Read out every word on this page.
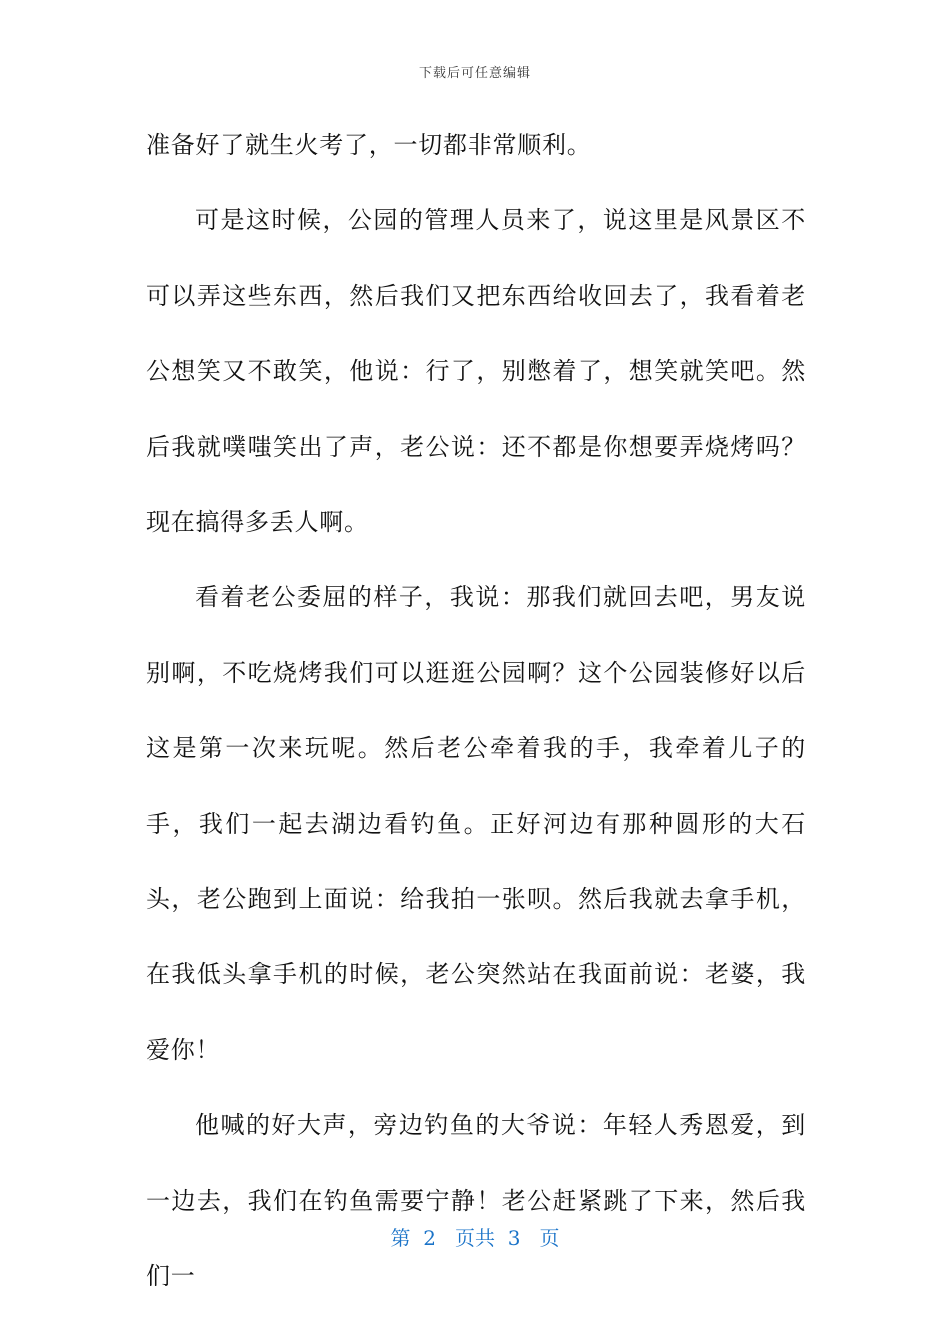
下载后可任意编辑

准备好了就生火考了，一切都非常顺利。

可是这时候，公园的管理人员来了，说这里是风景区不可以弄这些东西，然后我们又把东西给收回去了，我看着老公想笑又不敢笑，他说：行了，别憋着了，想笑就笑吧。然后我就噗嗤笑出了声，老公说：还不都是你想要弄烧烤吗？现在搞得多丢人啊。

看着老公委屈的样子，我说：那我们就回去吧，男友说别啊，不吃烧烤我们可以逛逛公园啊？这个公园装修好以后这是第一次来玩呢。然后老公牵着我的手，我牵着儿子的手，我们一起去湖边看钓鱼。正好河边有那种圆形的大石头，老公跑到上面说：给我拍一张呗。然后我就去拿手机，在我低头拿手机的时候，老公突然站在我面前说：老婆，我爱你！

他喊的好大声，旁边钓鱼的大爷说：年轻人秀恩爱，到一边去，我们在钓鱼需要宁静！老公赶紧跳了下来，然后我们一

第  2   页共  3   页
